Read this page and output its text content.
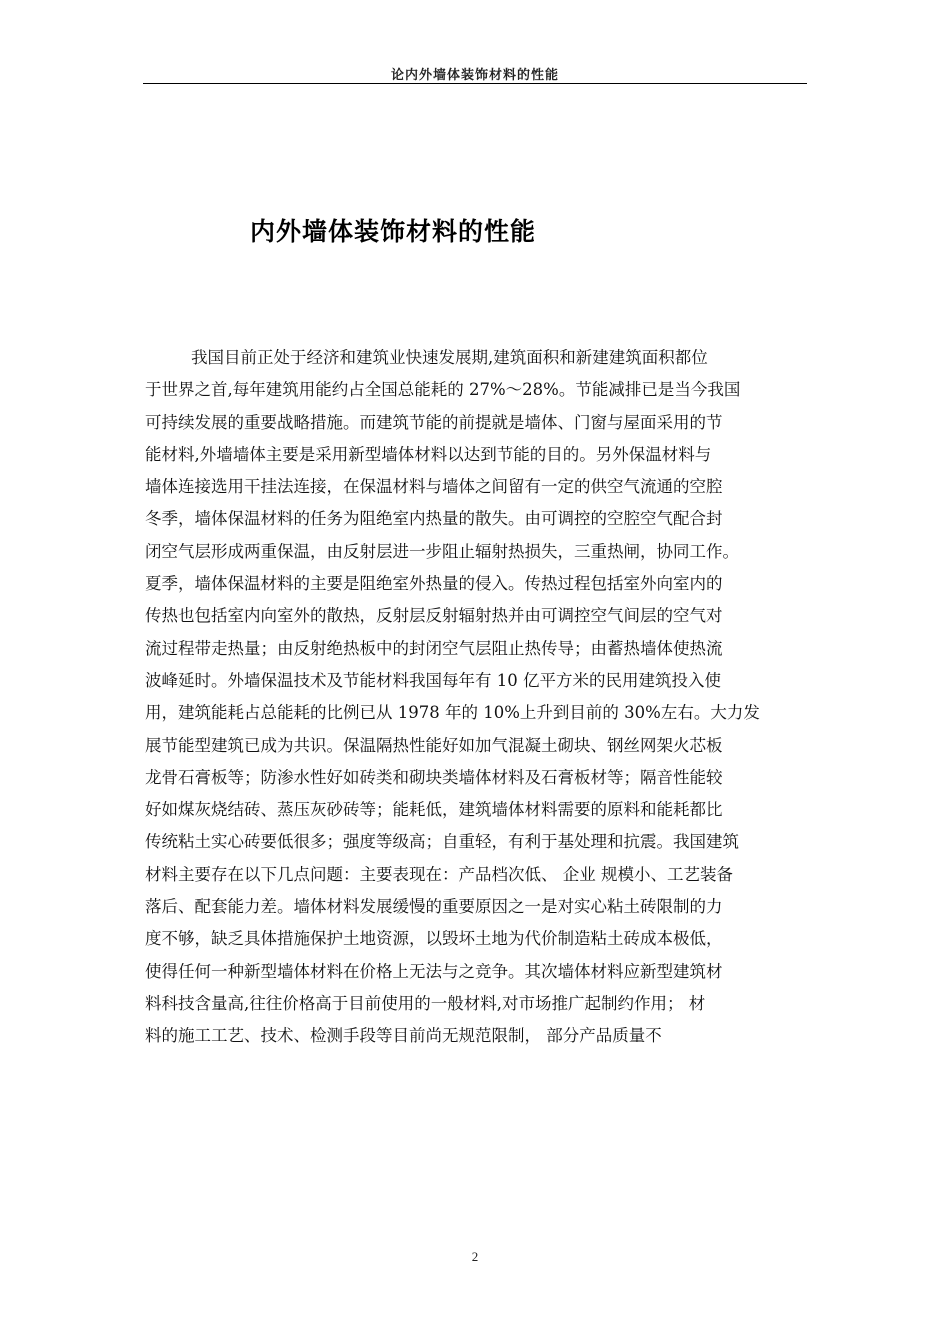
论内外墙体装饰材料的性能
内外墙体装饰材料的性能
我国目前正处于经济和建筑业快速发展期,建筑面积和新建建筑面积都位
于世界之首,每年建筑用能约占全国总能耗的 27%～28%。节能减排已是当今我国
可持续发展的重要战略措施。而建筑节能的前提就是墙体、门窗与屋面采用的节
能材料,外墙墙体主要是采用新型墙体材料以达到节能的目的。另外保温材料与
墙体连接选用干挂法连接，在保温材料与墙体之间留有一定的供空气流通的空腔
冬季，墙体保温材料的任务为阻绝室内热量的散失。由可调控的空腔空气配合封
闭空气层形成两重保温，由反射层进一步阻止辐射热损失，三重热闸，协同工作。
夏季，墙体保温材料的主要是阻绝室外热量的侵入。传热过程包括室外向室内的
传热也包括室内向室外的散热，反射层反射辐射热并由可调控空气间层的空气对
流过程带走热量；由反射绝热板中的封闭空气层阻止热传导；由蓄热墙体使热流
波峰延时。外墙保温技术及节能材料我国每年有 10 亿平方米的民用建筑投入使
用，建筑能耗占总能耗的比例已从 1978 年的 10%上升到目前的 30%左右。大力发
展节能型建筑已成为共识。保温隔热性能好如加气混凝土砌块、钢丝网架火芯板
龙骨石膏板等；防渗水性好如砖类和砌块类墙体材料及石膏板材等；隔音性能较
好如煤灰烧结砖、蒸压灰砂砖等；能耗低，建筑墙体材料需要的原料和能耗都比
传统粘土实心砖要低很多；强度等级高；自重轻，有利于基处理和抗震。我国建筑
材料主要存在以下几点问题：主要表现在：产品档次低、 企业 规模小、工艺装备
落后、配套能力差。墙体材料发展缓慢的重要原因之一是对实心粘土砖限制的力
度不够，缺乏具体措施保护土地资源，以毁坏土地为代价制造粘土砖成本极低，
使得任何一种新型墙体材料在价格上无法与之竞争。其次墙体材料应新型建筑材
料科技含量高,往往价格高于目前使用的一般材料,对市场推广起制约作用； 材
料的施工工艺、技术、检测手段等目前尚无规范限制， 部分产品质量不
2
